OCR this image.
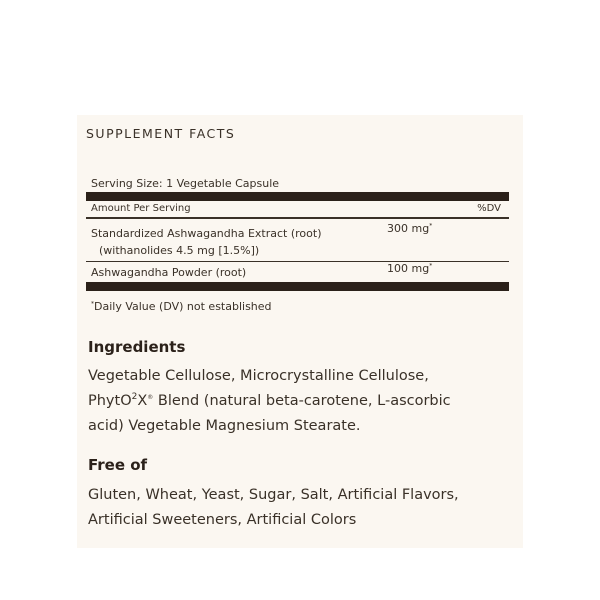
SUPPLEMENT FACTS
Serving Size: 1 Vegetable Capsule
Amount Per Serving	%DV
Standardized Ashwagandha Extract (root)
(withanolides 4.5 mg [1.5%])
300 mg*
Ashwagandha Powder (root)	100 mg*
*Daily Value (DV) not established
Ingredients
Vegetable Cellulose, Microcrystalline Cellulose,
PhytO$^2$X® Blend (natural beta-carotene, L-ascorbic
acid) Vegetable Magnesium Stearate.
Free of
Gluten, Wheat, Yeast, Sugar, Salt, Artificial Flavors,
Artificial Sweeteners, Artificial Colors
